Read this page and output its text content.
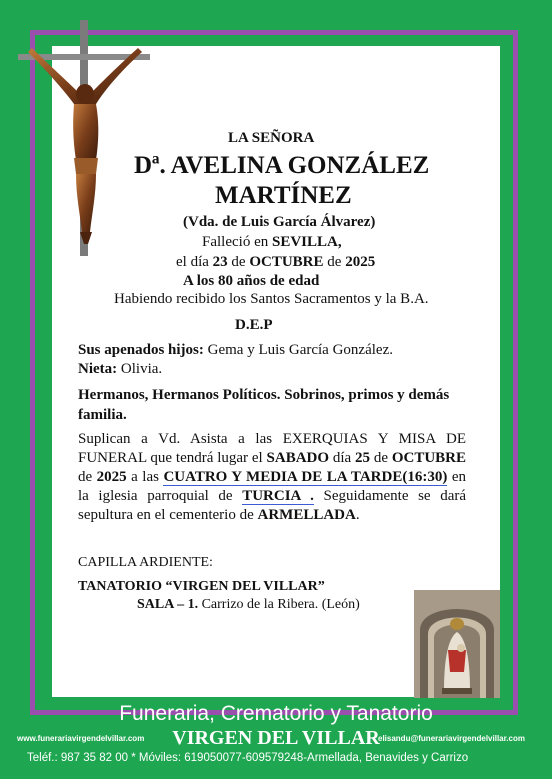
LA SEÑORA
Dª. AVELINA GONZÁLEZ
MARTÍNEZ
(Vda. de Luis García Álvarez)
Falleció en SEVILLA,
el día 23 de OCTUBRE de 2025
A los 80 años de edad
Habiendo recibido los Santos Sacramentos y la B.A.
D.E.P
Sus apenados hijos: Gema y Luis García González.
Nieta: Olivia.
Hermanos, Hermanos Políticos. Sobrinos, primos y demás familia.
Suplican a Vd. Asista a las EXERQUIAS Y MISA DE FUNERAL que tendrá lugar el SABADO día 25 de OCTUBRE de 2025 a las CUATRO Y MEDIA DE LA TARDE(16:30) en la iglesia parroquial de TURCIA . Seguidamente se dará sepultura en el cementerio de ARMELLADA.
CAPILLA ARDIENTE:
TANATORIO “VIRGEN DEL VILLAR”
SALA – 1. Carrizo de la Ribera. (León)
Funeraria, Crematorio y Tanatorio
www.funerariavirgendelvillar.com	VIRGEN DEL VILLAR
elisandu@funerariavirgendelvillar.com
Teléf.: 987 35 82 00 * Móviles: 619050077-609579248-Armellada, Benavides y Carrizo
